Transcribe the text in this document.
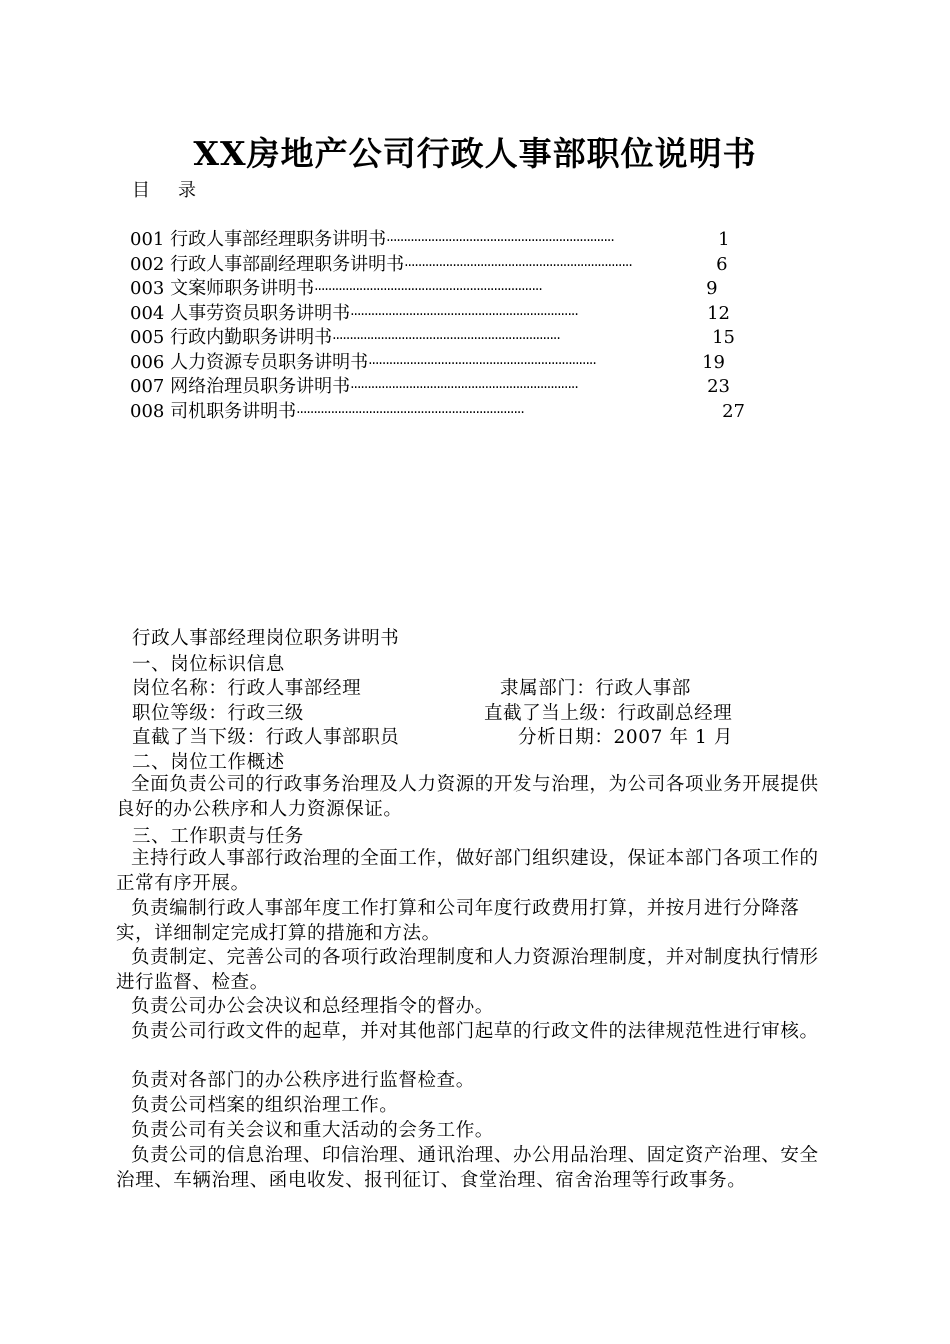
XX房地产公司行政人事部职位说明书
目录
001 行政人事部经理职务讲明书 ··································································	1
002 行政人事部副经理职务讲明书 ··································································	6
003 文案师职务讲明书 ··································································	9
004 人事劳资员职务讲明书 ··································································	12
005 行政内勤职务讲明书 ··································································	15
006 人力资源专员职务讲明书 ··································································	19
007 网络治理员职务讲明书 ··································································	23
008 司机职务讲明书 ··································································	27
行政人事部经理岗位职务讲明书
一、岗位标识信息
岗位名称：行政人事部经理	隶属部门：行政人事部
职位等级：行政三级	直截了当上级：行政副总经理
直截了当下级：行政人事部职员	分析日期：2007 年 1 月
二、岗位工作概述
全面负责公司的行政事务治理及人力资源的开发与治理，为公司各项业务开展提供良好的办公秩序和人力资源保证。
三、工作职责与任务
主持行政人事部行政治理的全面工作，做好部门组织建设，保证本部门各项工作的正常有序开展。
负责编制行政人事部年度工作打算和公司年度行政费用打算，并按月进行分降落实，详细制定完成打算的措施和方法。
负责制定、完善公司的各项行政治理制度和人力资源治理制度，并对制度执行情形进行监督、检查。
负责公司办公会决议和总经理指令的督办。
负责公司行政文件的起草，并对其他部门起草的行政文件的法律规范性进行审核。
负责对各部门的办公秩序进行监督检查。
负责公司档案的组织治理工作。
负责公司有关会议和重大活动的会务工作。
负责公司的信息治理、印信治理、通讯治理、办公用品治理、固定资产治理、安全治理、车辆治理、函电收发、报刊征订、食堂治理、宿舍治理等行政事务。
